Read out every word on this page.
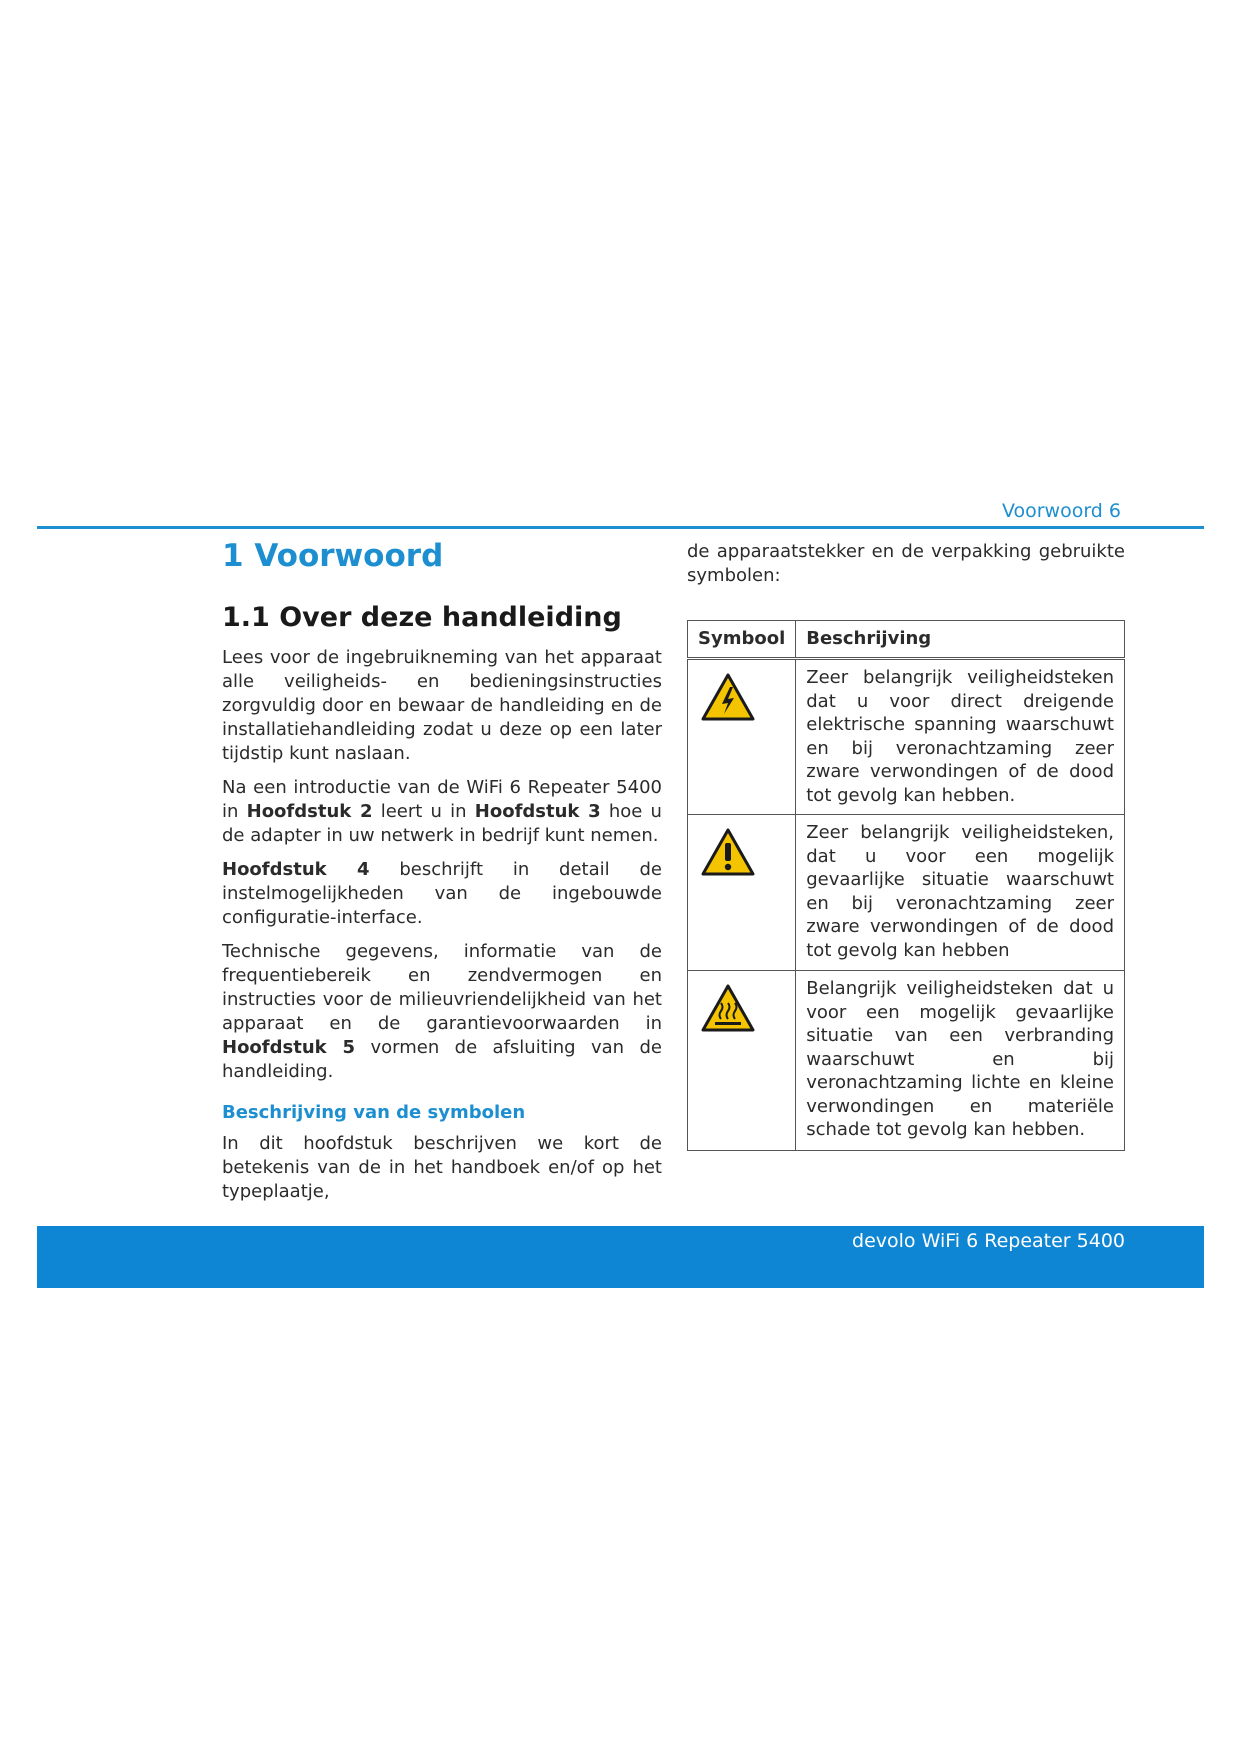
Voorwoord 6
1 Voorwoord
1.1 Over deze handleiding

Lees voor de ingebruikneming van het apparaat alle veiligheids- en bedieningsinstructies zorgvuldig door en bewaar de handleiding en de installatiehandleiding zodat u deze op een later tijdstip kunt naslaan.

Na een introductie van de WiFi 6 Repeater 5400 in Hoofdstuk 2 leert u in Hoofdstuk 3 hoe u de adapter in uw netwerk in bedrijf kunt nemen.

Hoofdstuk 4 beschrijft in detail de instelmogelijkheden van de ingebouwde configuratie-interface.

Technische gegevens, informatie van de frequentiebereik en zendvermogen en instructies voor de milieuvriendelijkheid van het apparaat en de garantievoorwaarden in Hoofdstuk 5 vormen de afsluiting van de handleiding.

Beschrijving van de symbolen

In dit hoofdstuk beschrijven we kort de betekenis van de in het handboek en/of op het typeplaatje,

de apparaatstekker en de verpakking gebruikte symbolen:

Symbool	Beschrijving
	Zeer belangrijk veiligheidsteken dat u voor direct dreigende elektrische spanning waarschuwt en bij veronachtzaming zeer zware verwondingen of de dood tot gevolg kan hebben.
	Zeer belangrijk veiligheidsteken, dat u voor een mogelijk gevaarlijke situatie waarschuwt en bij veronachtzaming zeer zware verwondingen of de dood tot gevolg kan hebben
	Belangrijk veiligheidsteken dat u voor een mogelijk gevaarlijke situatie van een verbranding waarschuwt en bij veronachtzaming lichte en kleine verwondingen en materiële schade tot gevolg kan hebben.
devolo WiFi 6 Repeater 5400
